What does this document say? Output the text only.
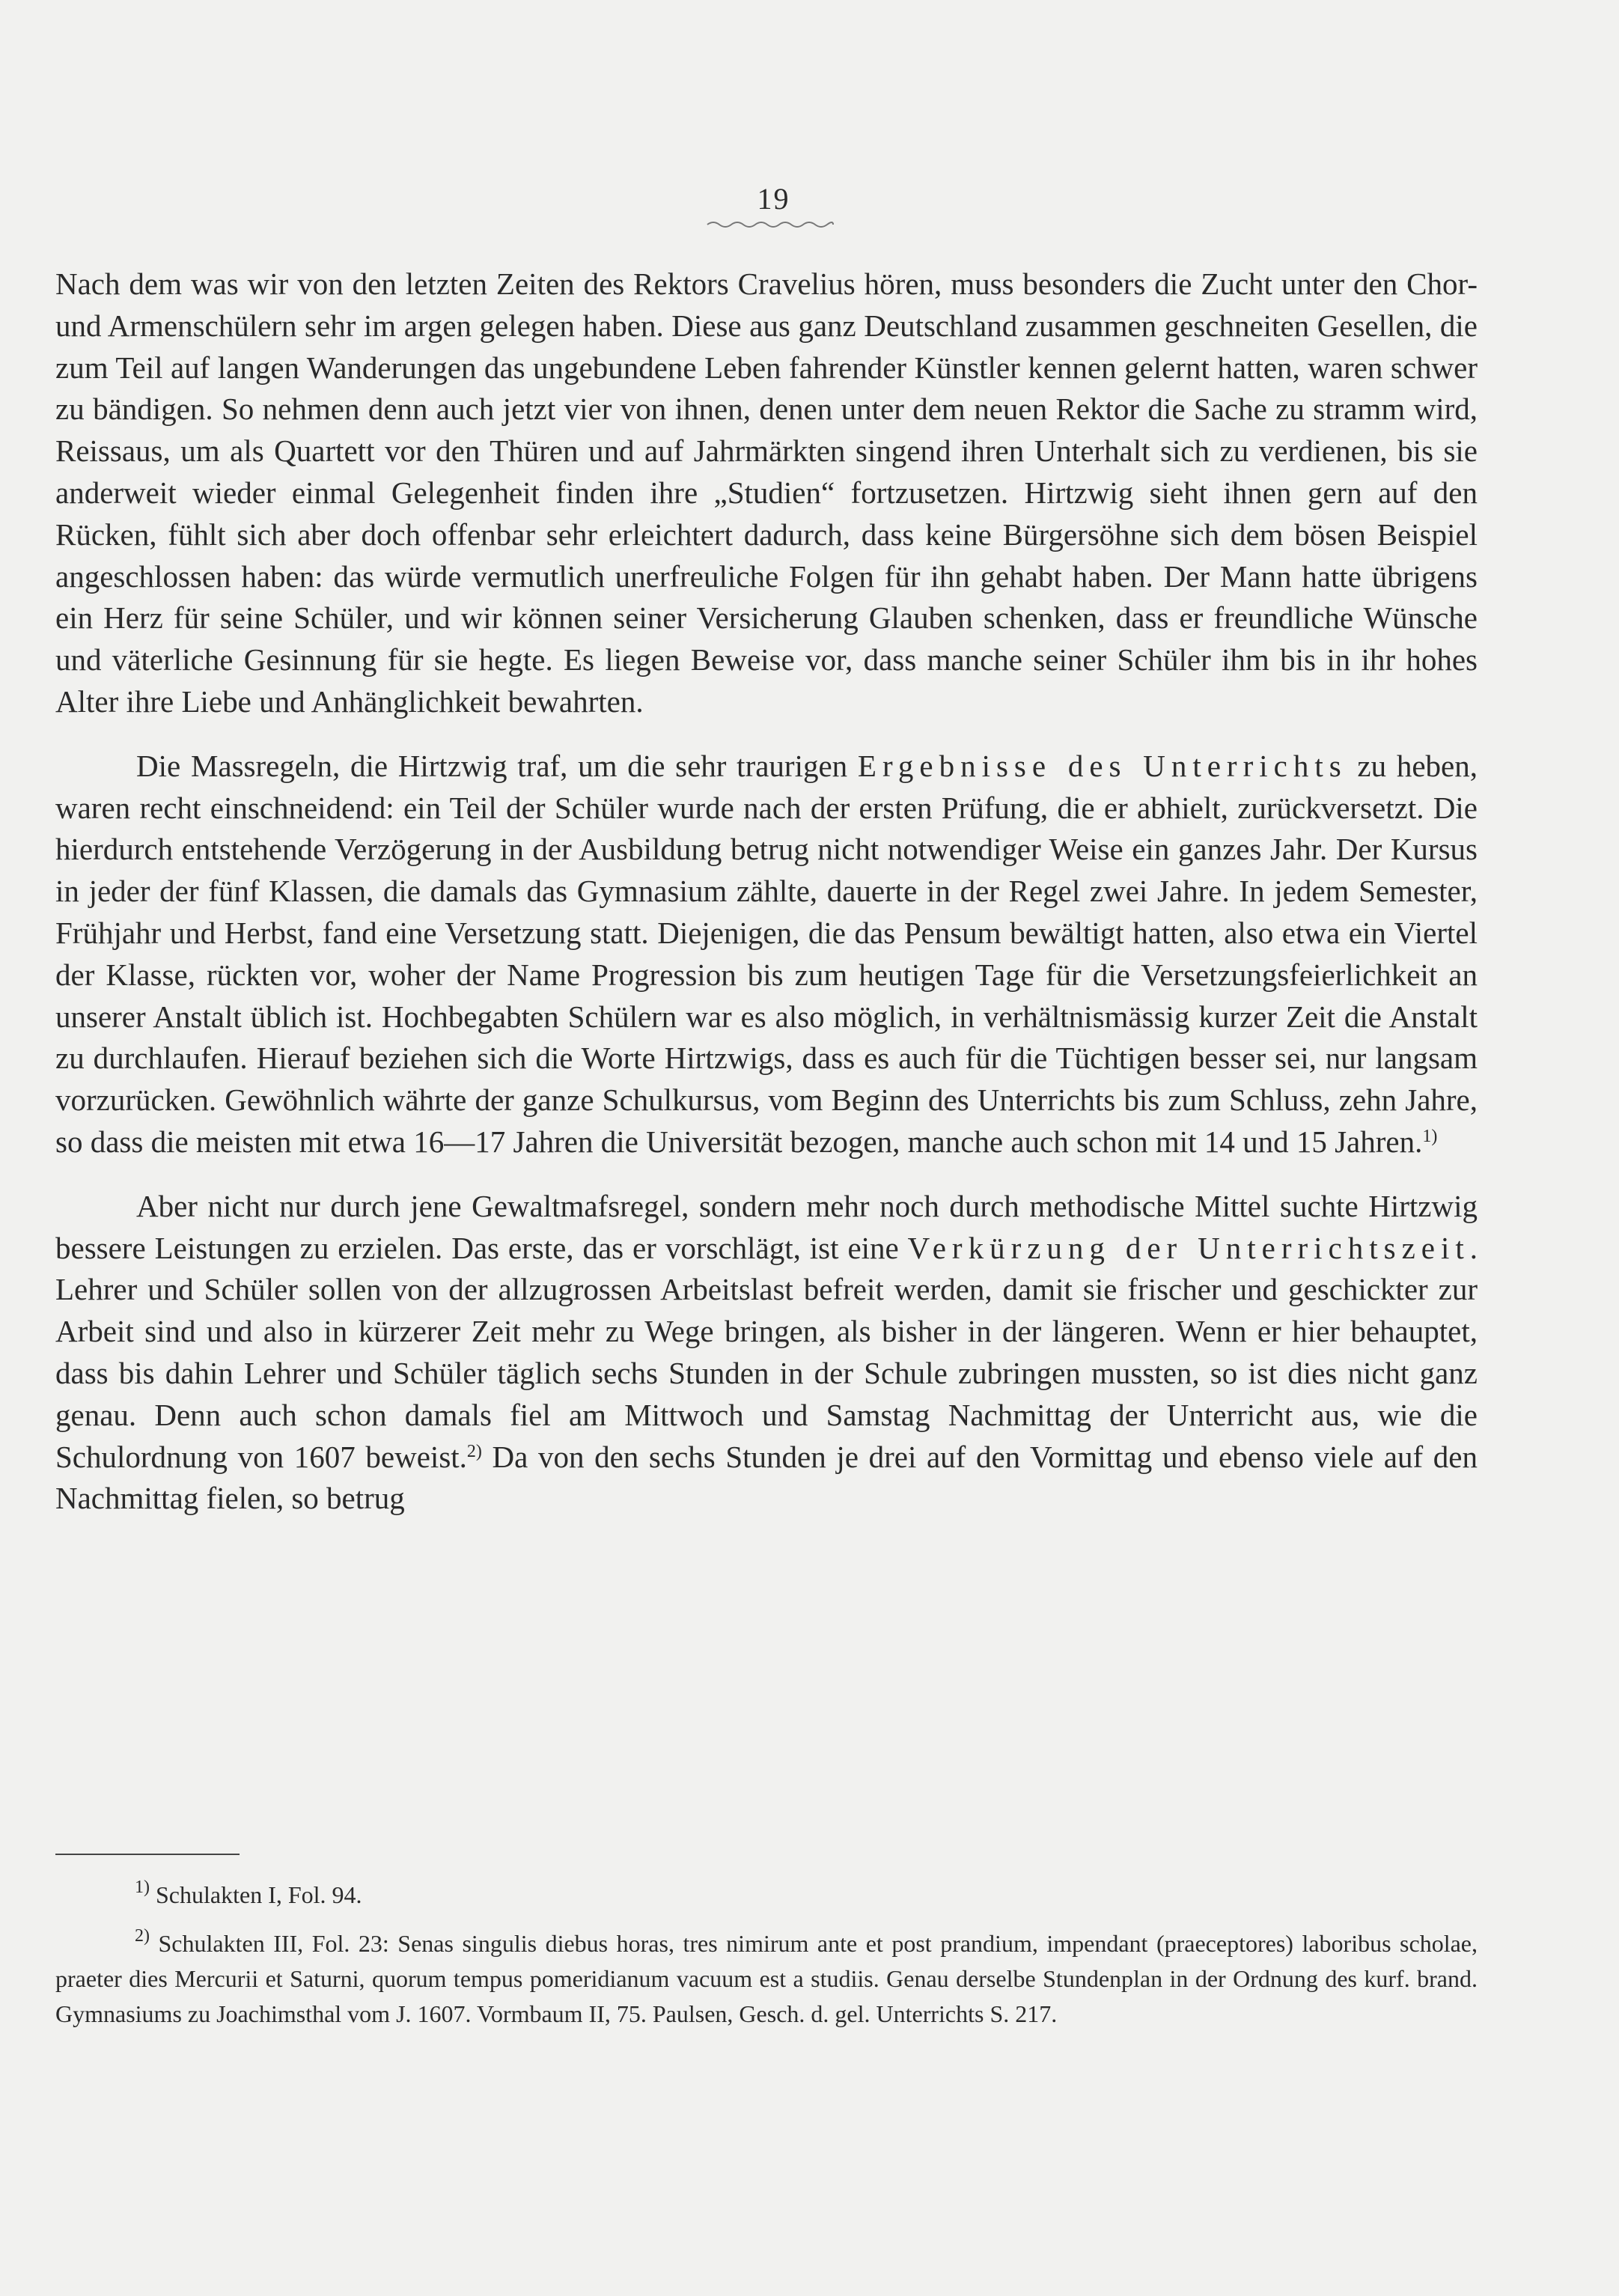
19

Nach dem was wir von den letzten Zeiten des Rektors Cravelius hören, muss besonders die Zucht unter den Chor- und Armenschülern sehr im argen gelegen haben. Diese aus ganz Deutschland zusammen geschneiten Gesellen, die zum Teil auf langen Wanderungen das ungebundene Leben fahrender Künstler kennen gelernt hatten, waren schwer zu bändigen. So nehmen denn auch jetzt vier von ihnen, denen unter dem neuen Rektor die Sache zu stramm wird, Reissaus, um als Quartett vor den Thüren und auf Jahrmärkten singend ihren Unterhalt sich zu verdienen, bis sie anderweit wieder einmal Gelegenheit finden ihre „Studien“ fortzusetzen. Hirtzwig sieht ihnen gern auf den Rücken, fühlt sich aber doch offenbar sehr erleichtert dadurch, dass keine Bürgersöhne sich dem bösen Beispiel angeschlossen haben: das würde vermutlich unerfreuliche Folgen für ihn gehabt haben. Der Mann hatte übrigens ein Herz für seine Schüler, und wir können seiner Versicherung Glauben schenken, dass er freundliche Wünsche und väterliche Gesinnung für sie hegte. Es liegen Beweise vor, dass manche seiner Schüler ihm bis in ihr hohes Alter ihre Liebe und Anhänglichkeit bewahrten.

Die Massregeln, die Hirtzwig traf, um die sehr traurigen Ergebnisse des Unterrichts zu heben, waren recht einschneidend: ein Teil der Schüler wurde nach der ersten Prüfung, die er abhielt, zurückversetzt. Die hierdurch entstehende Verzögerung in der Ausbildung betrug nicht notwendiger Weise ein ganzes Jahr. Der Kursus in jeder der fünf Klassen, die damals das Gymnasium zählte, dauerte in der Regel zwei Jahre. In jedem Semester, Frühjahr und Herbst, fand eine Versetzung statt. Diejenigen, die das Pensum bewältigt hatten, also etwa ein Viertel der Klasse, rückten vor, woher der Name Progression bis zum heutigen Tage für die Versetzungsfeierlichkeit an unserer Anstalt üblich ist. Hochbegabten Schülern war es also möglich, in verhältnismässig kurzer Zeit die Anstalt zu durchlaufen. Hierauf beziehen sich die Worte Hirtzwigs, dass es auch für die Tüchtigen besser sei, nur langsam vorzurücken. Gewöhnlich währte der ganze Schulkursus, vom Beginn des Unterrichts bis zum Schluss, zehn Jahre, so dass die meisten mit etwa 16—17 Jahren die Universität bezogen, manche auch schon mit 14 und 15 Jahren.$^{1)}$

Aber nicht nur durch jene Gewaltmafsregel, sondern mehr noch durch methodische Mittel suchte Hirtzwig bessere Leistungen zu erzielen. Das erste, das er vorschlägt, ist eine Verkürzung der Unterrichtszeit. Lehrer und Schüler sollen von der allzugrossen Arbeitslast befreit werden, damit sie frischer und geschickter zur Arbeit sind und also in kürzerer Zeit mehr zu Wege bringen, als bisher in der längeren. Wenn er hier behauptet, dass bis dahin Lehrer und Schüler täglich sechs Stunden in der Schule zubringen mussten, so ist dies nicht ganz genau. Denn auch schon damals fiel am Mittwoch und Samstag Nachmittag der Unterricht aus, wie die Schulordnung von 1607 beweist.$^{2)}$ Da von den sechs Stunden je drei auf den Vormittag und ebenso viele auf den Nachmittag fielen, so betrug

$^{1)}$ Schulakten I, Fol. 94.

$^{2)}$ Schulakten III, Fol. 23: Senas singulis diebus horas, tres nimirum ante et post prandium, impendant (praeceptores) laboribus scholae, praeter dies Mercurii et Saturni, quorum tempus pomeridianum vacuum est a studiis. Genau derselbe Stundenplan in der Ordnung des kurf. brand. Gymnasiums zu Joachimsthal vom J. 1607. Vormbaum II, 75. Paulsen, Gesch. d. gel. Unterrichts S. 217.
